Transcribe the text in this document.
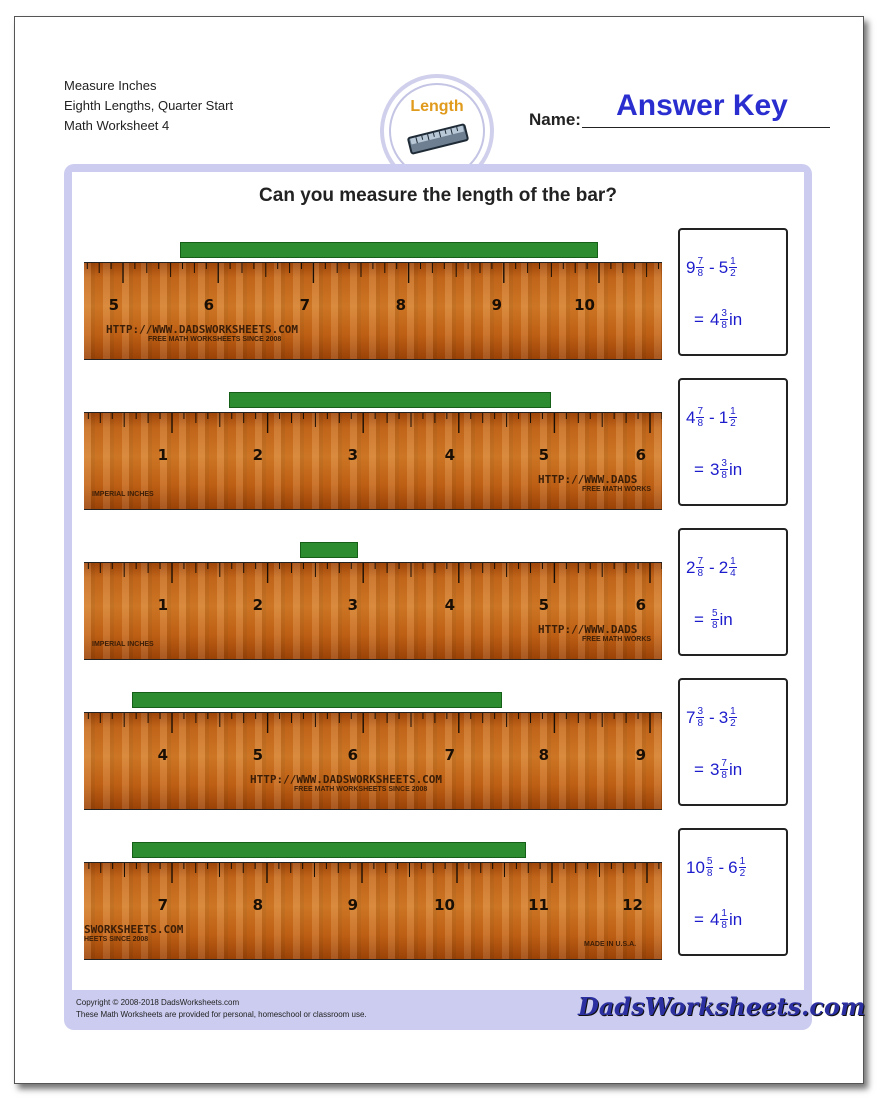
Measure Inches
Eighth Lengths, Quarter Start
Math Worksheet 4
Length
Name:	Answer Key
Can you measure the length of the bar?
5	6	7	8	9	10
HTTP://WWW.DADSWORKSHEETS.COM
FREE MATH WORKSHEETS SINCE 2008
$9 \frac{7}{8} - 5 \frac{1}{2}$
= $4 \frac{3}{8}$ in
1	2	3	4	5	6
HTTP://WWW.DADS
FREE MATH WORKS
IMPERIAL INCHES
$4 \frac{7}{8} - 1 \frac{1}{2}$
= $3 \frac{3}{8}$ in
1	2	3	4	5	6
HTTP://WWW.DADS
FREE MATH WORKS
IMPERIAL INCHES
$2 \frac{7}{8} - 2 \frac{1}{4}$
= $\frac{5}{8}$ in
4	5	6	7	8	9
HTTP://WWW.DADSWORKSHEETS.COM
FREE MATH WORKSHEETS SINCE 2008
$7 \frac{3}{8} - 3 \frac{1}{2}$
= $3 \frac{7}{8}$ in
7	8	9	10	11	12
SWORKSHEETS.COM
HEETS SINCE 2008
MADE IN U.S.A.
$10 \frac{5}{8} - 6 \frac{1}{2}$
= $4 \frac{1}{8}$ in
Copyright © 2008-2018 DadsWorksheets.com
These Math Worksheets are provided for personal, homeschool or classroom use.	DadsWorksheets.com
